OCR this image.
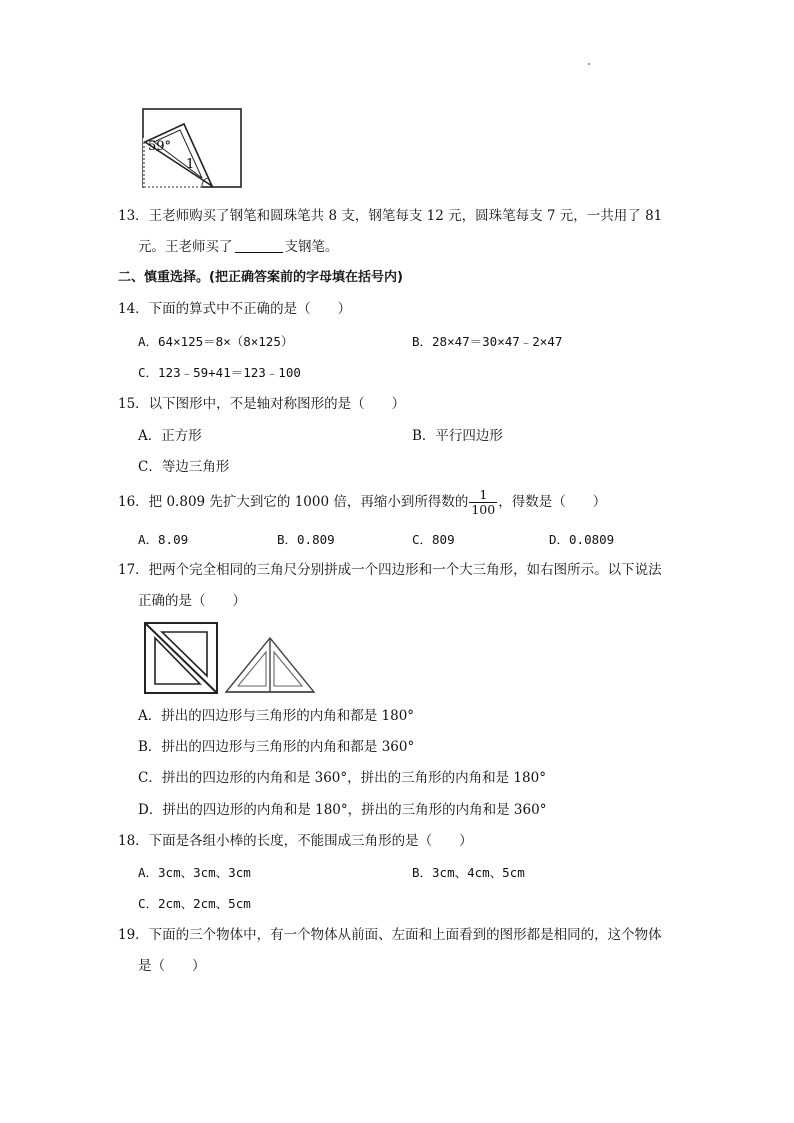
59°
1
13．王老师购买了钢笔和圆珠笔共 8 支，钢笔每支 12 元，圆珠笔每支 7 元，一共用了 81
元。王老师买了	支钢笔。
二、慎重选择。(把正确答案前的字母填在括号内)
14．下面的算式中不正确的是（　　）
A．64×125＝8×（8×125）	B．28×47＝30×47﹣2×47
C．123﹣59+41＝123﹣100
15．以下图形中，不是轴对称图形的是（　　）
A．正方形	B．平行四边形
C．等边三角形
16．把 0.809 先扩大到它的 1000 倍，再缩小到所得数的 $\frac{1}{100}$ ，得数是（　　）
A．8.09	B．0.809	C．809	D．0.0809
17．把两个完全相同的三角尺分别拼成一个四边形和一个大三角形，如右图所示。以下说法
正确的是（　　）
A．拼出的四边形与三角形的内角和都是 180°
B．拼出的四边形与三角形的内角和都是 360°
C．拼出的四边形的内角和是 360°，拼出的三角形的内角和是 180°
D．拼出的四边形的内角和是 180°，拼出的三角形的内角和是 360°
18．下面是各组小棒的长度，不能围成三角形的是（　　）
A．3cm、3cm、3cm	B．3cm、4cm、5cm
C．2cm、2cm、5cm
19．下面的三个物体中，有一个物体从前面、左面和上面看到的图形都是相同的，这个物体
是（　　）
